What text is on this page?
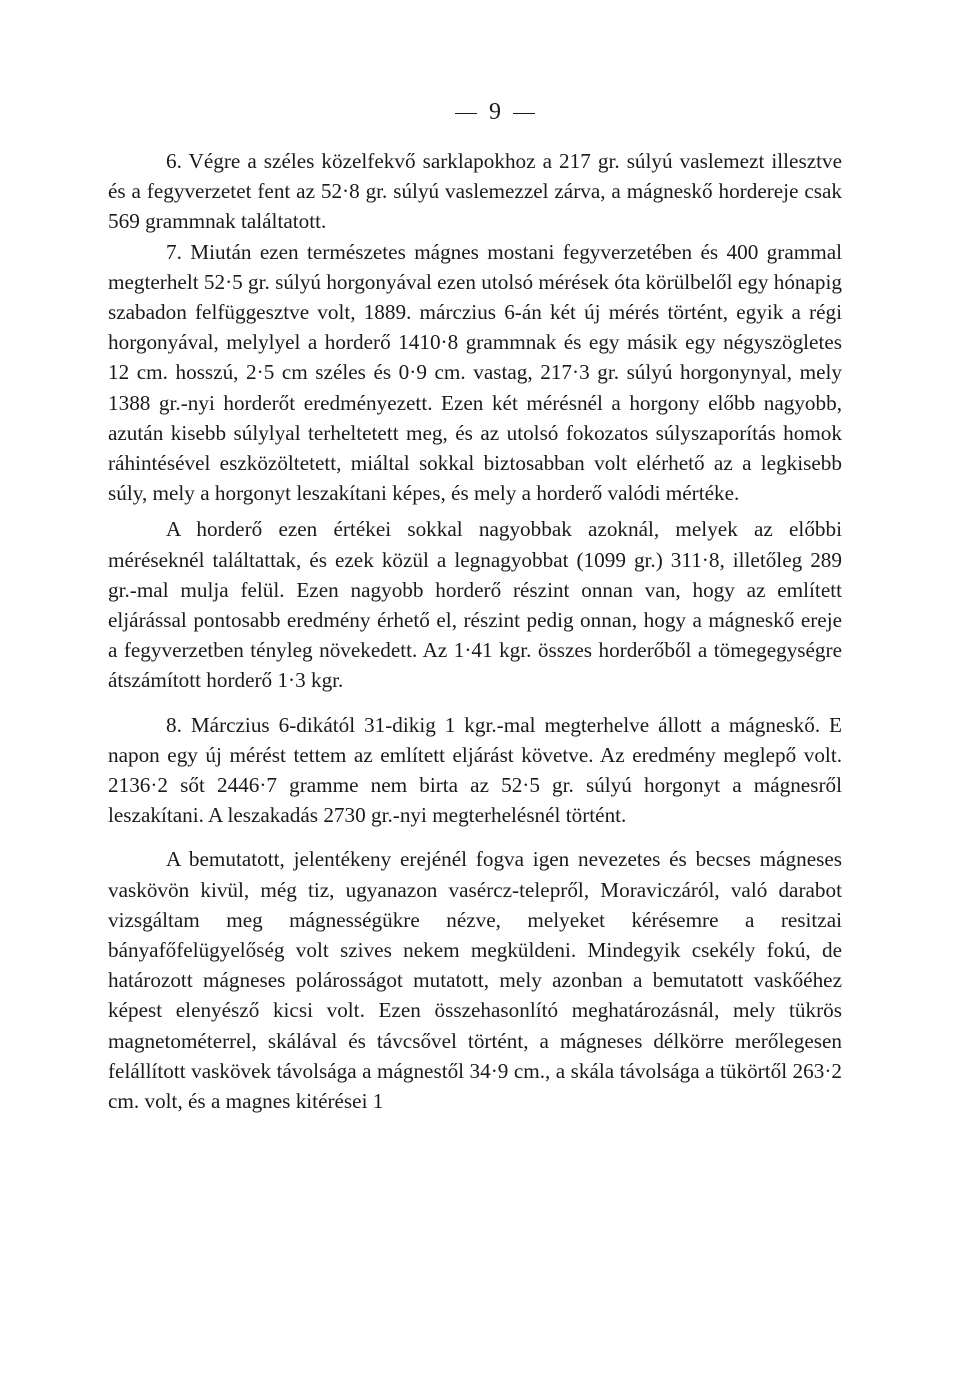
9

6. Végre a széles közelfekvő sarklapokhoz a 217 gr. súlyú vaslemezt illesztve és a fegyverzetet fent az 52·8 gr. súlyú vaslemezzel zárva, a mágneskő hordereje csak 569 grammnak találtatott.

7. Miután ezen természetes mágnes mostani fegyverzetében és 400 grammal megterhelt 52·5 gr. súlyú horgonyával ezen utolsó mérések óta körülbelől egy hónapig szabadon felfüggesztve volt, 1889. márczius 6-án két új mérés történt, egyik a régi horgonyával, melylyel a horderő 1410·8 grammnak és egy másik egy négyszögletes 12 cm. hosszú, 2·5 cm széles és 0·9 cm. vastag, 217·3 gr. súlyú horgonynyal, mely 1388 gr.-nyi horderőt eredményezett. Ezen két mérésnél a horgony előbb nagyobb, azután kisebb súlylyal terheltetett meg, és az utolsó fokozatos súlyszaporítás homok ráhintésével eszközöltetett, miáltal sokkal biztosabban volt elérhető az a legkisebb súly, mely a horgonyt leszakítani képes, és mely a horderő valódi mértéke.

A horderő ezen értékei sokkal nagyobbak azoknál, melyek az előbbi méréseknél találtattak, és ezek közül a legnagyobbat (1099 gr.) 311·8, illetőleg 289 gr.-mal mulja felül. Ezen nagyobb horderő részint onnan van, hogy az említett eljárással pontosabb eredmény érhető el, részint pedig onnan, hogy a mágneskő ereje a fegyverzetben tényleg növekedett. Az 1·41 kgr. összes horderőből a tömegegységre átszámított horderő 1·3 kgr.

8. Márczius 6-dikától 31-dikig 1 kgr.-mal megterhelve állott a mágneskő. E napon egy új mérést tettem az említett eljárást követve. Az eredmény meglepő volt. 2136·2 sőt 2446·7 gramme nem birta az 52·5 gr. súlyú horgonyt a mágnesről leszakítani. A leszakadás 2730 gr.-nyi megterhelésnél történt.

A bemutatott, jelentékeny erejénél fogva igen nevezetes és becses mágneses vaskövön kivül, még tiz, ugyanazon vasércz-telepről, Moraviczáról, való darabot vizsgáltam meg mágnességükre nézve, melyeket kérésemre a resitzai bányafőfelügyelőség volt szives nekem megküldeni. Mindegyik csekély fokú, de határozott mágneses polárosságot mutatott, mely azonban a bemutatott vaskőéhez képest elenyésző kicsi volt. Ezen összehasonlító meghatározásnál, mely tükrös magnetométerrel, skálával és távcsővel történt, a mágneses délkörre merőlegesen felállított vaskövek távolsága a mágnestől 34·9 cm., a skála távolsága a tükörtől 263·2 cm. volt, és a magnes kitérései 1
